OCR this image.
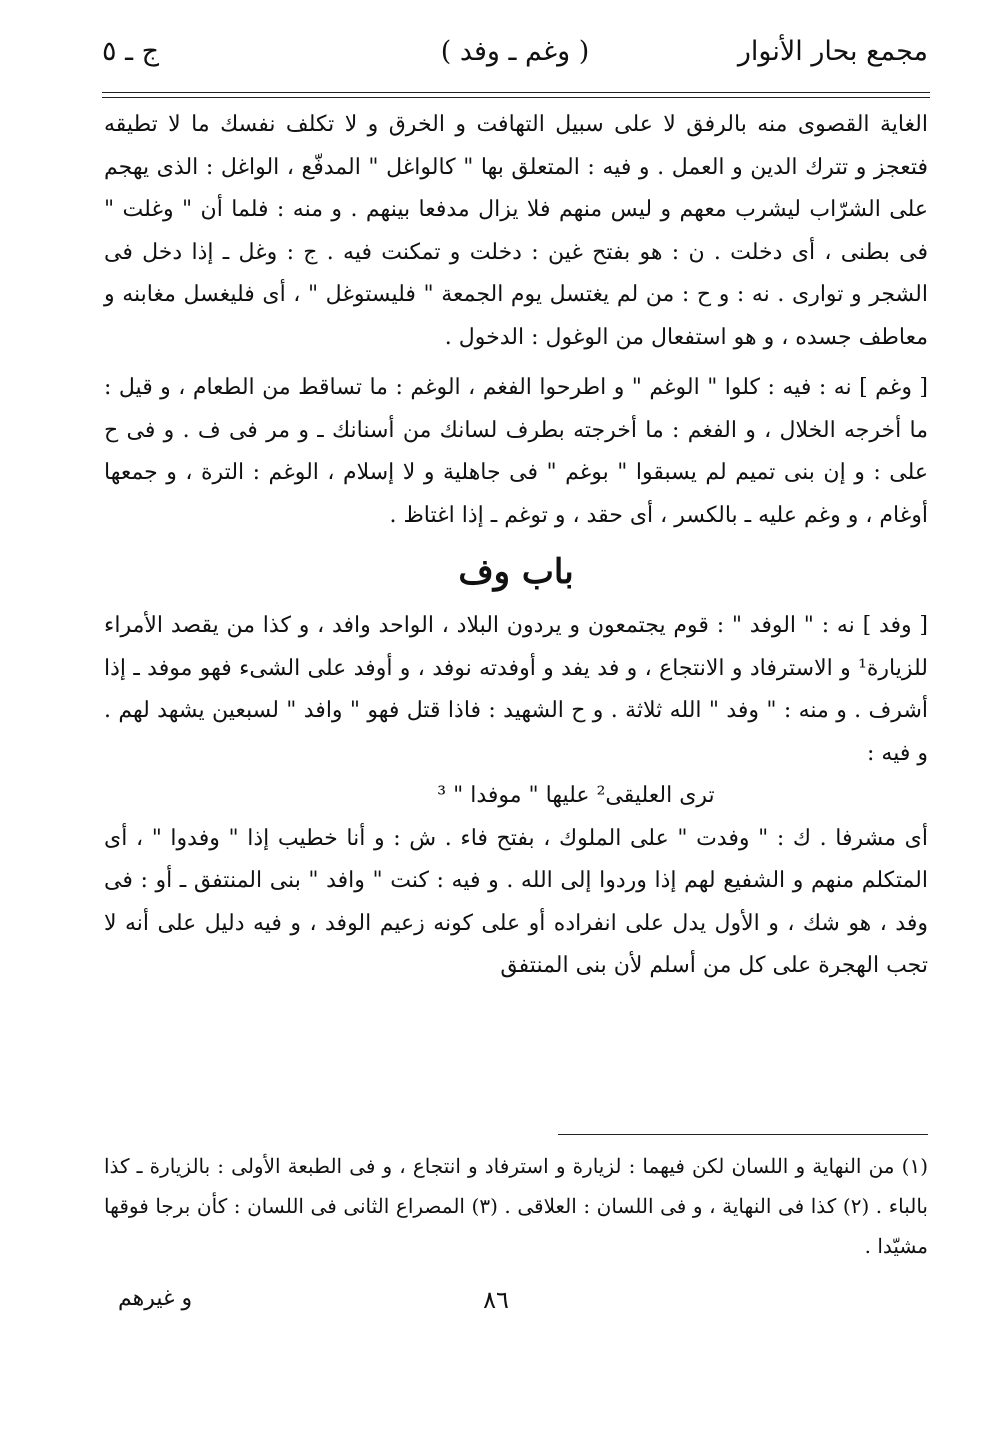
مجمع بحار الأنوار
( وغم ـ وفد )
ج ـ ٥

الغاية القصوى منه بالرفق لا على سبيل التهافت و الخرق و لا تكلف نفسك ما لا تطيقه فتعجز و تترك الدين و العمل . و فيه : المتعلق بها " كالواغل " المدفّع ، الواغل : الذى يهجم على الشرّاب ليشرب معهم و ليس منهم فلا يزال مدفعا بينهم . و منه : فلما أن " وغلت " فى بطنى ، أى دخلت . ن : هو بفتح غين : دخلت و تمكنت فيه . ج : وغل ـ إذا دخل فى الشجر و توارى . نه : و ح : من لم يغتسل يوم الجمعة " فليستوغل " ، أى فليغسل مغابنه و معاطف جسده ، و هو استفعال من الوغول : الدخول .

[ وغم ] نه : فيه : كلوا " الوغم " و اطرحوا الفغم ، الوغم : ما تساقط من الطعام ، و قيل : ما أخرجه الخلال ، و الفغم : ما أخرجته بطرف لسانك من أسنانك ـ و مر فى ف . و فى ح على : و إن بنى تميم لم يسبقوا " بوغم " فى جاهلية و لا إسلام ، الوغم : الترة ، و جمعها أوغام ، و وغم عليه ـ بالكسر ، أى حقد ، و توغم ـ إذا اغتاظ .

باب وف

[ وفد ] نه : " الوفد " : قوم يجتمعون و يردون البلاد ، الواحد وافد ، و كذا من يقصد الأمراء للزيارة¹ و الاسترفاد و الانتجاع ، و فد يفد و أوفدته نوفد ، و أوفد على الشىء فهو موفد ـ إذا أشرف . و منه : " وفد " الله ثلاثة . و ح الشهيد : فاذا قتل فهو " وافد " لسبعين يشهد لهم . و فيه :

ترى العليقى² عليها " موفدا " ³

أى مشرفا . ك : " وفدت " على الملوك ، بفتح فاء . ش : و أنا خطيب إذا " وفدوا " ، أى المتكلم منهم و الشفيع لهم إذا وردوا إلى الله . و فيه : كنت " وافد " بنى المنتفق ـ أو : فى وفد ، هو شك ، و الأول يدل على انفراده أو على كونه زعيم الوفد ، و فيه دليل على أنه لا تجب الهجرة على كل من أسلم لأن بنى المنتفق

(١) من النهاية و اللسان لكن فيهما : لزيارة و استرفاد و انتجاع ، و فى الطبعة الأولى : بالزيارة ـ كذا بالباء . (٢) كذا فى النهاية ، و فى اللسان : العلاقى . (٣) المصراع الثانى فى اللسان : كأن برجا فوقها مشيّدا .

٨٦
و غيرهم
